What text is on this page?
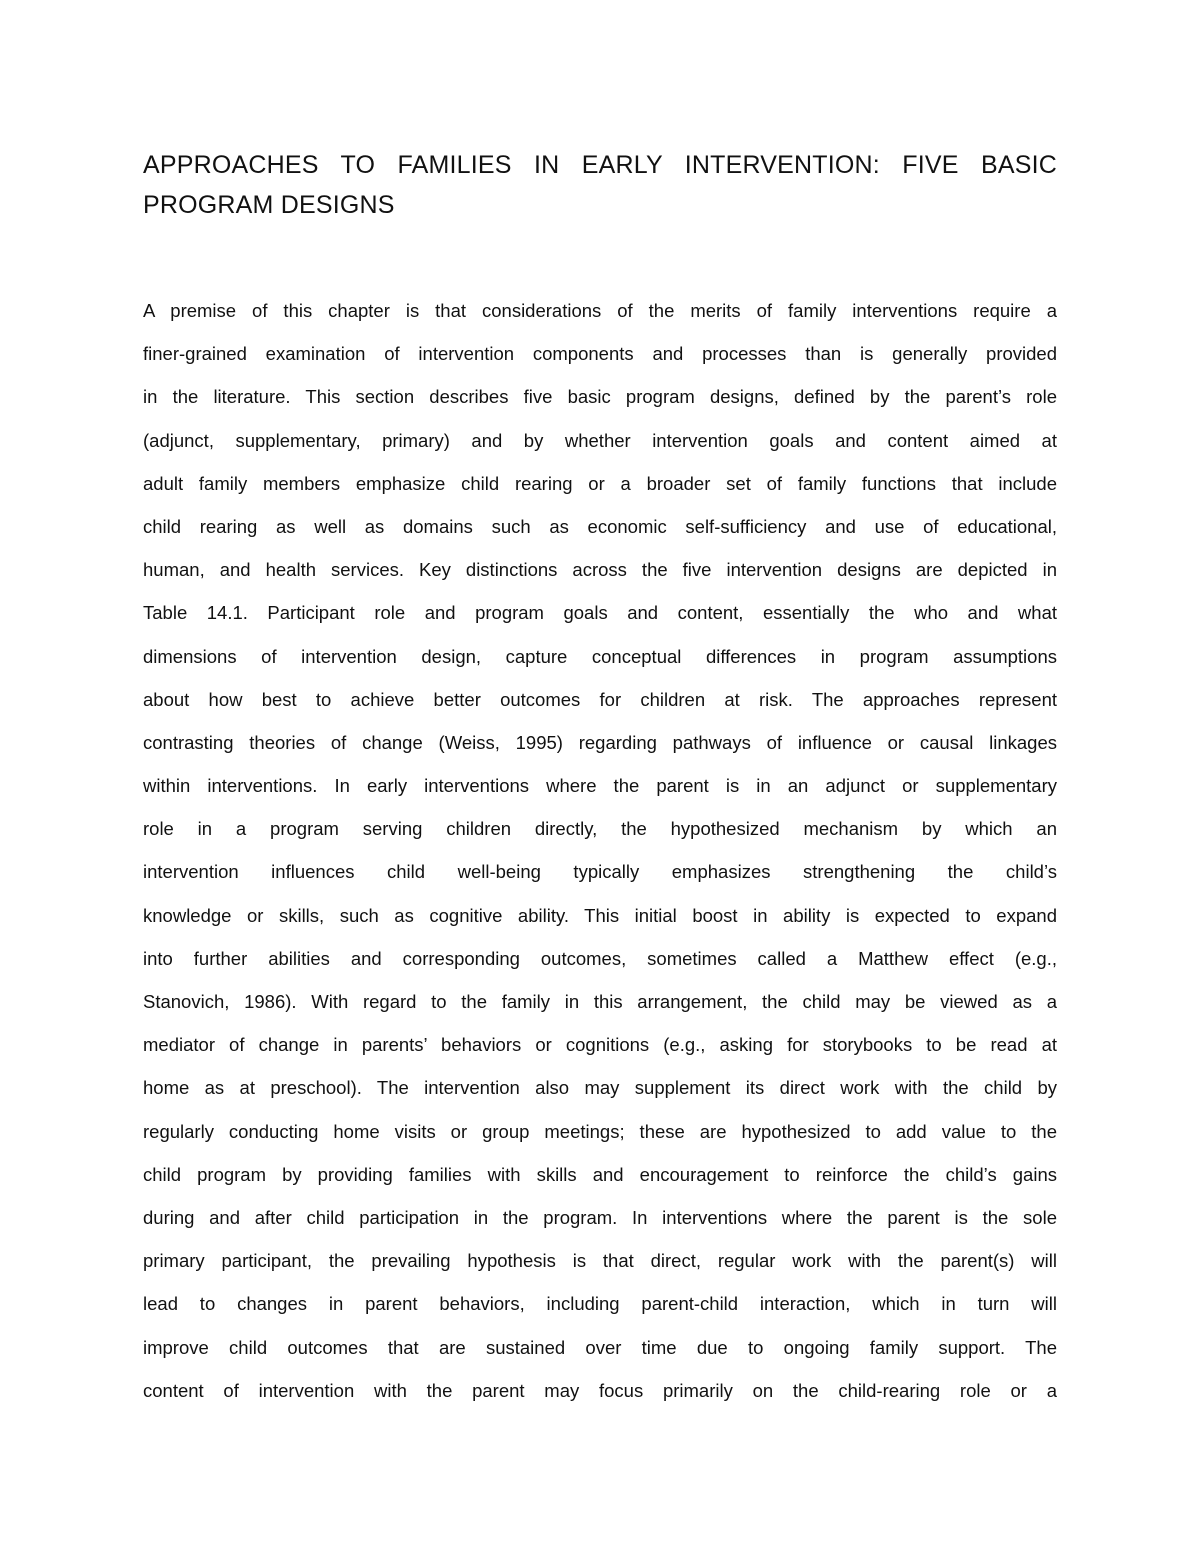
APPROACHES TO FAMILIES IN EARLY INTERVENTION: FIVE BASIC PROGRAM DESIGNS
A premise of this chapter is that considerations of the merits of family interventions require a
finer-grained examination of intervention components and processes than is generally provided
in the literature. This section describes five basic program designs, defined by the parent’s role
(adjunct, supplementary, primary) and by whether intervention goals and content aimed at
adult family members emphasize child rearing or a broader set of family functions that include
child rearing as well as domains such as economic self-sufficiency and use of educational,
human, and health services. Key distinctions across the five intervention designs are depicted in
Table 14.1. Participant role and program goals and content, essentially the who and what
dimensions of intervention design, capture conceptual differences in program assumptions
about how best to achieve better outcomes for children at risk. The approaches represent
contrasting theories of change (Weiss, 1995) regarding pathways of influence or causal linkages
within interventions. In early interventions where the parent is in an adjunct or supplementary
role in a program serving children directly, the hypothesized mechanism by which an
intervention influences child well-being typically emphasizes strengthening the child’s
knowledge or skills, such as cognitive ability. This initial boost in ability is expected to expand
into further abilities and corresponding outcomes, sometimes called a Matthew effect (e.g.,
Stanovich, 1986). With regard to the family in this arrangement, the child may be viewed as a
mediator of change in parents’ behaviors or cognitions (e.g., asking for storybooks to be read at
home as at preschool). The intervention also may supplement its direct work with the child by
regularly conducting home visits or group meetings; these are hypothesized to add value to the
child program by providing families with skills and encouragement to reinforce the child’s gains
during and after child participation in the program. In interventions where the parent is the sole
primary participant, the prevailing hypothesis is that direct, regular work with the parent(s) will
lead to changes in parent behaviors, including parent-child interaction, which in turn will
improve child outcomes that are sustained over time due to ongoing family support. The
content of intervention with the parent may focus primarily on the child-rearing role or a
